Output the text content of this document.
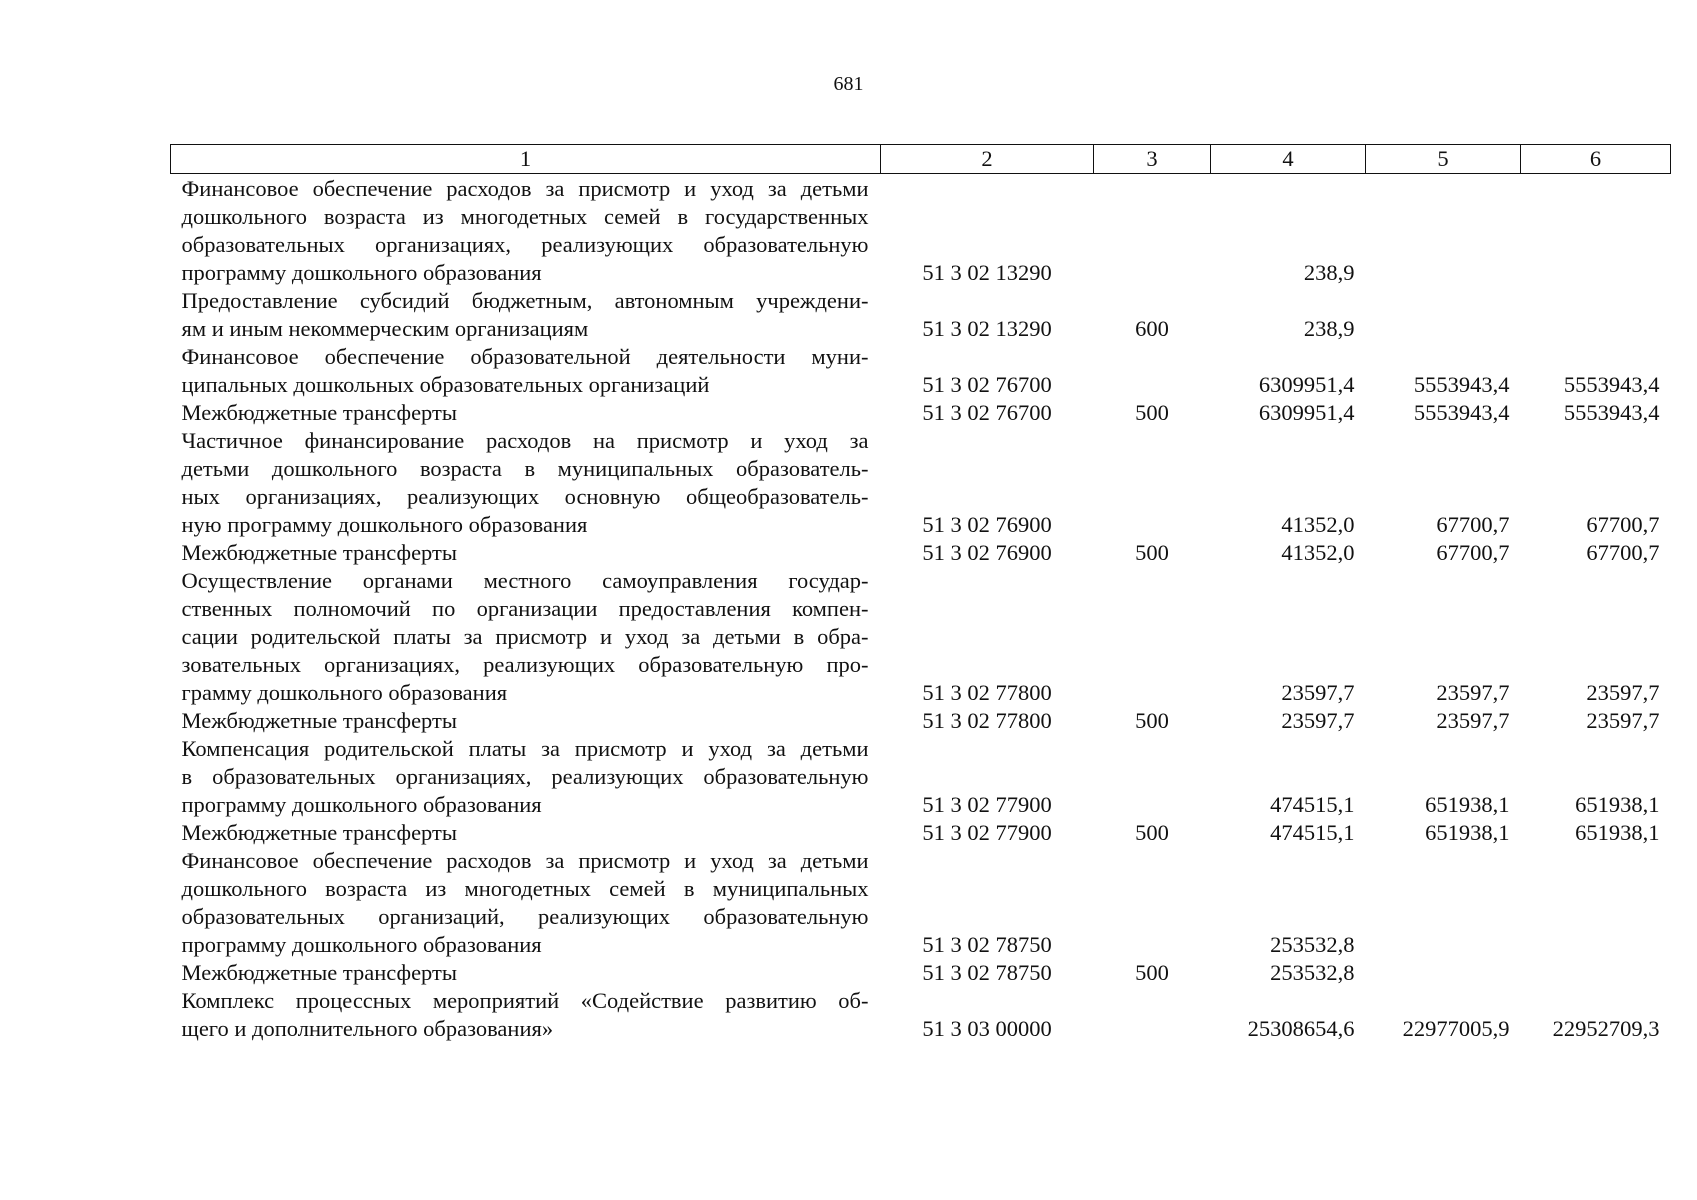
681
1	2	3	4	5	6

Финансовое обеспечение расходов за присмотр и уход за детьми
дошкольного возраста из многодетных семей в государственных
образовательных организациях, реализующих образовательную
программу дошкольного образования	51 3 02 13290		238,9		

Предоставление субсидий бюджетным, автономным учреждени-
ям и иным некоммерческим организациям	51 3 02 13290	600	238,9		

Финансовое обеспечение образовательной деятельности муни-
ципальных дошкольных образовательных организаций	51 3 02 76700		6309951,4	5553943,4	5553943,4

Межбюджетные трансферты	51 3 02 76700	500	6309951,4	5553943,4	5553943,4

Частичное финансирование расходов на присмотр и уход за
детьми дошкольного возраста в муниципальных образователь-
ных организациях, реализующих основную общеобразователь-
ную программу дошкольного образования	51 3 02 76900		41352,0	67700,7	67700,7

Межбюджетные трансферты	51 3 02 76900	500	41352,0	67700,7	67700,7

Осуществление органами местного самоуправления государ-
ственных полномочий по организации предоставления компен-
сации родительской платы за присмотр и уход за детьми в обра-
зовательных организациях, реализующих образовательную про-
грамму дошкольного образования	51 3 02 77800		23597,7	23597,7	23597,7

Межбюджетные трансферты	51 3 02 77800	500	23597,7	23597,7	23597,7

Компенсация родительской платы за присмотр и уход за детьми
в образовательных организациях, реализующих образовательную
программу дошкольного образования	51 3 02 77900		474515,1	651938,1	651938,1

Межбюджетные трансферты	51 3 02 77900	500	474515,1	651938,1	651938,1

Финансовое обеспечение расходов за присмотр и уход за детьми
дошкольного возраста из многодетных семей в муниципальных
образовательных организаций, реализующих образовательную
программу дошкольного образования	51 3 02 78750		253532,8		

Межбюджетные трансферты	51 3 02 78750	500	253532,8		

Комплекс процессных мероприятий «Содействие развитию об-
щего и дополнительного образования»	51 3 03 00000		25308654,6	22977005,9	22952709,3
